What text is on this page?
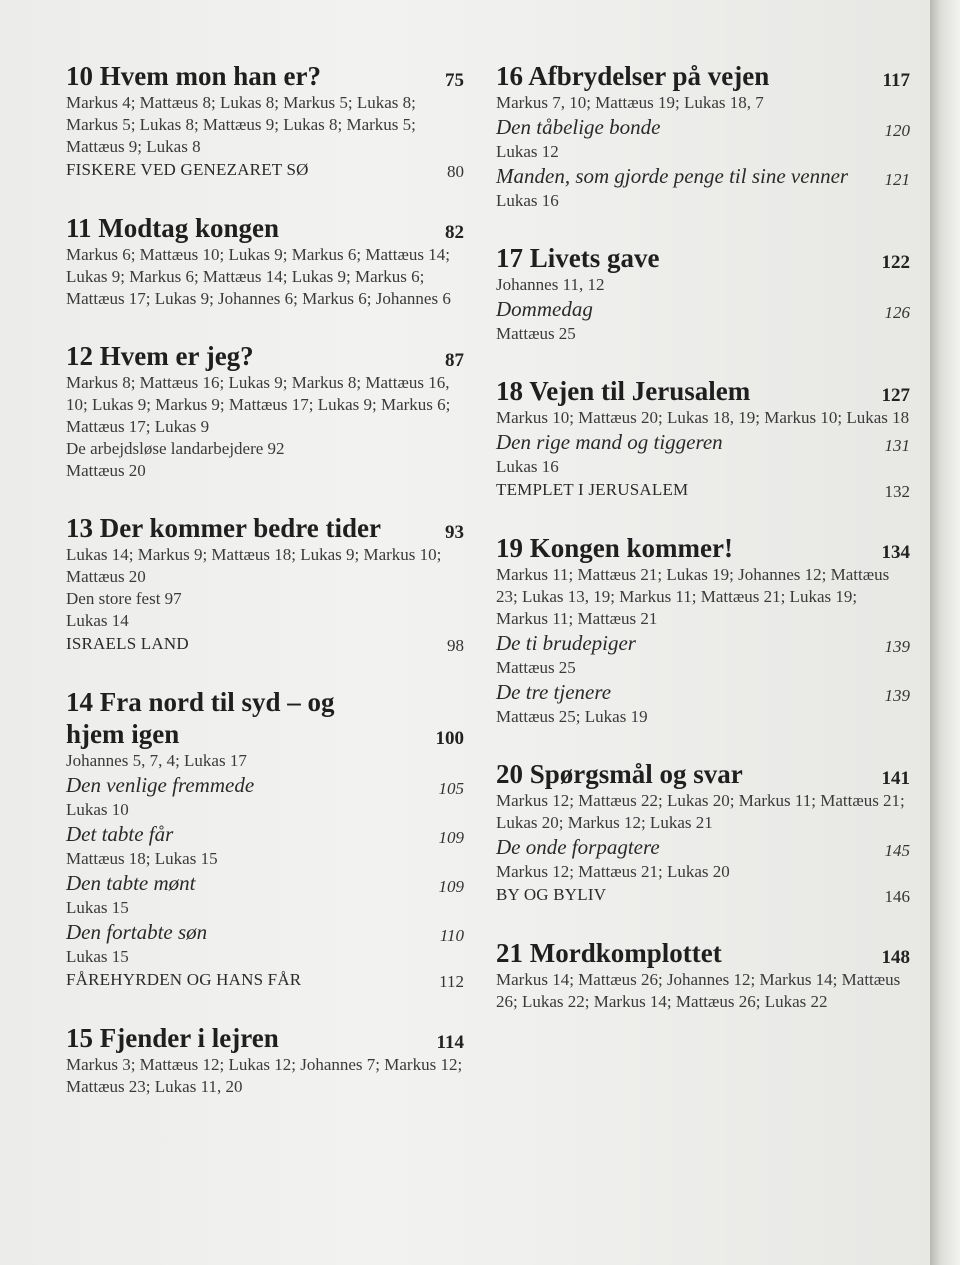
10 Hvem mon han er?	75
Markus 4; Mattæus 8; Lukas 8; Markus 5; Lukas 8; Markus 5; Lukas 8; Mattæus 9; Lukas 8; Markus 5; Mattæus 9; Lukas 8
FISKERE VED GENEZARET SØ	80
11 Modtag kongen	82
Markus 6; Mattæus 10; Lukas 9; Markus 6; Mattæus 14; Lukas 9; Markus 6; Mattæus 14; Lukas 9; Markus 6; Mattæus 17; Lukas 9; Johannes 6; Markus 6; Johannes 6
12 Hvem er jeg?	87
Markus 8; Mattæus 16; Lukas 9; Markus 8; Mattæus 16, 10; Lukas 9; Markus 9; Mattæus 17; Lukas 9; Markus 6; Mattæus 17; Lukas 9
De arbejdsløse landarbejdere 92
Mattæus 20
13 Der kommer bedre tider	93
Lukas 14; Markus 9; Mattæus 18; Lukas 9; Markus 10; Mattæus 20
Den store fest 97
Lukas 14
ISRAELS LAND	98
14 Fra nord til syd – og hjem igen	100
Johannes 5, 7, 4; Lukas 17
Den venlige fremmede	105
Lukas 10
Det tabte får	109
Mattæus 18; Lukas 15
Den tabte mønt	109
Lukas 15
Den fortabte søn	110
Lukas 15
FÅREHYRDEN OG HANS FÅR	112
15 Fjender i lejren	114
Markus 3; Mattæus 12; Lukas 12; Johannes 7; Markus 12; Mattæus 23; Lukas 11, 20
16 Afbrydelser på vejen	117
Markus 7, 10; Mattæus 19; Lukas 18, 7
Den tåbelige bonde	120
Lukas 12
Manden, som gjorde penge til sine venner 121
Lukas 16
17 Livets gave	122
Johannes 11, 12
Dommedag	126
Mattæus 25
18 Vejen til Jerusalem	127
Markus 10; Mattæus 20; Lukas 18, 19; Markus 10; Lukas 18
Den rige mand og tiggeren	131
Lukas 16
TEMPLET I JERUSALEM	132
19 Kongen kommer!	134
Markus 11; Mattæus 21; Lukas 19; Johannes 12; Mattæus 23; Lukas 13, 19; Markus 11; Mattæus 21; Lukas 19; Markus 11; Mattæus 21
De ti brudepiger	139
Mattæus 25
De tre tjenere	139
Mattæus 25; Lukas 19
20 Spørgsmål og svar	141
Markus 12; Mattæus 22; Lukas 20; Markus 11; Mattæus 21; Lukas 20; Markus 12; Lukas 21
De onde forpagtere	145
Markus 12; Mattæus 21; Lukas 20
BY OG BYLIV	146
21 Mordkomplottet	148
Markus 14; Mattæus 26; Johannes 12; Markus 14; Mattæus 26; Lukas 22; Markus 14; Mattæus 26; Lukas 22
